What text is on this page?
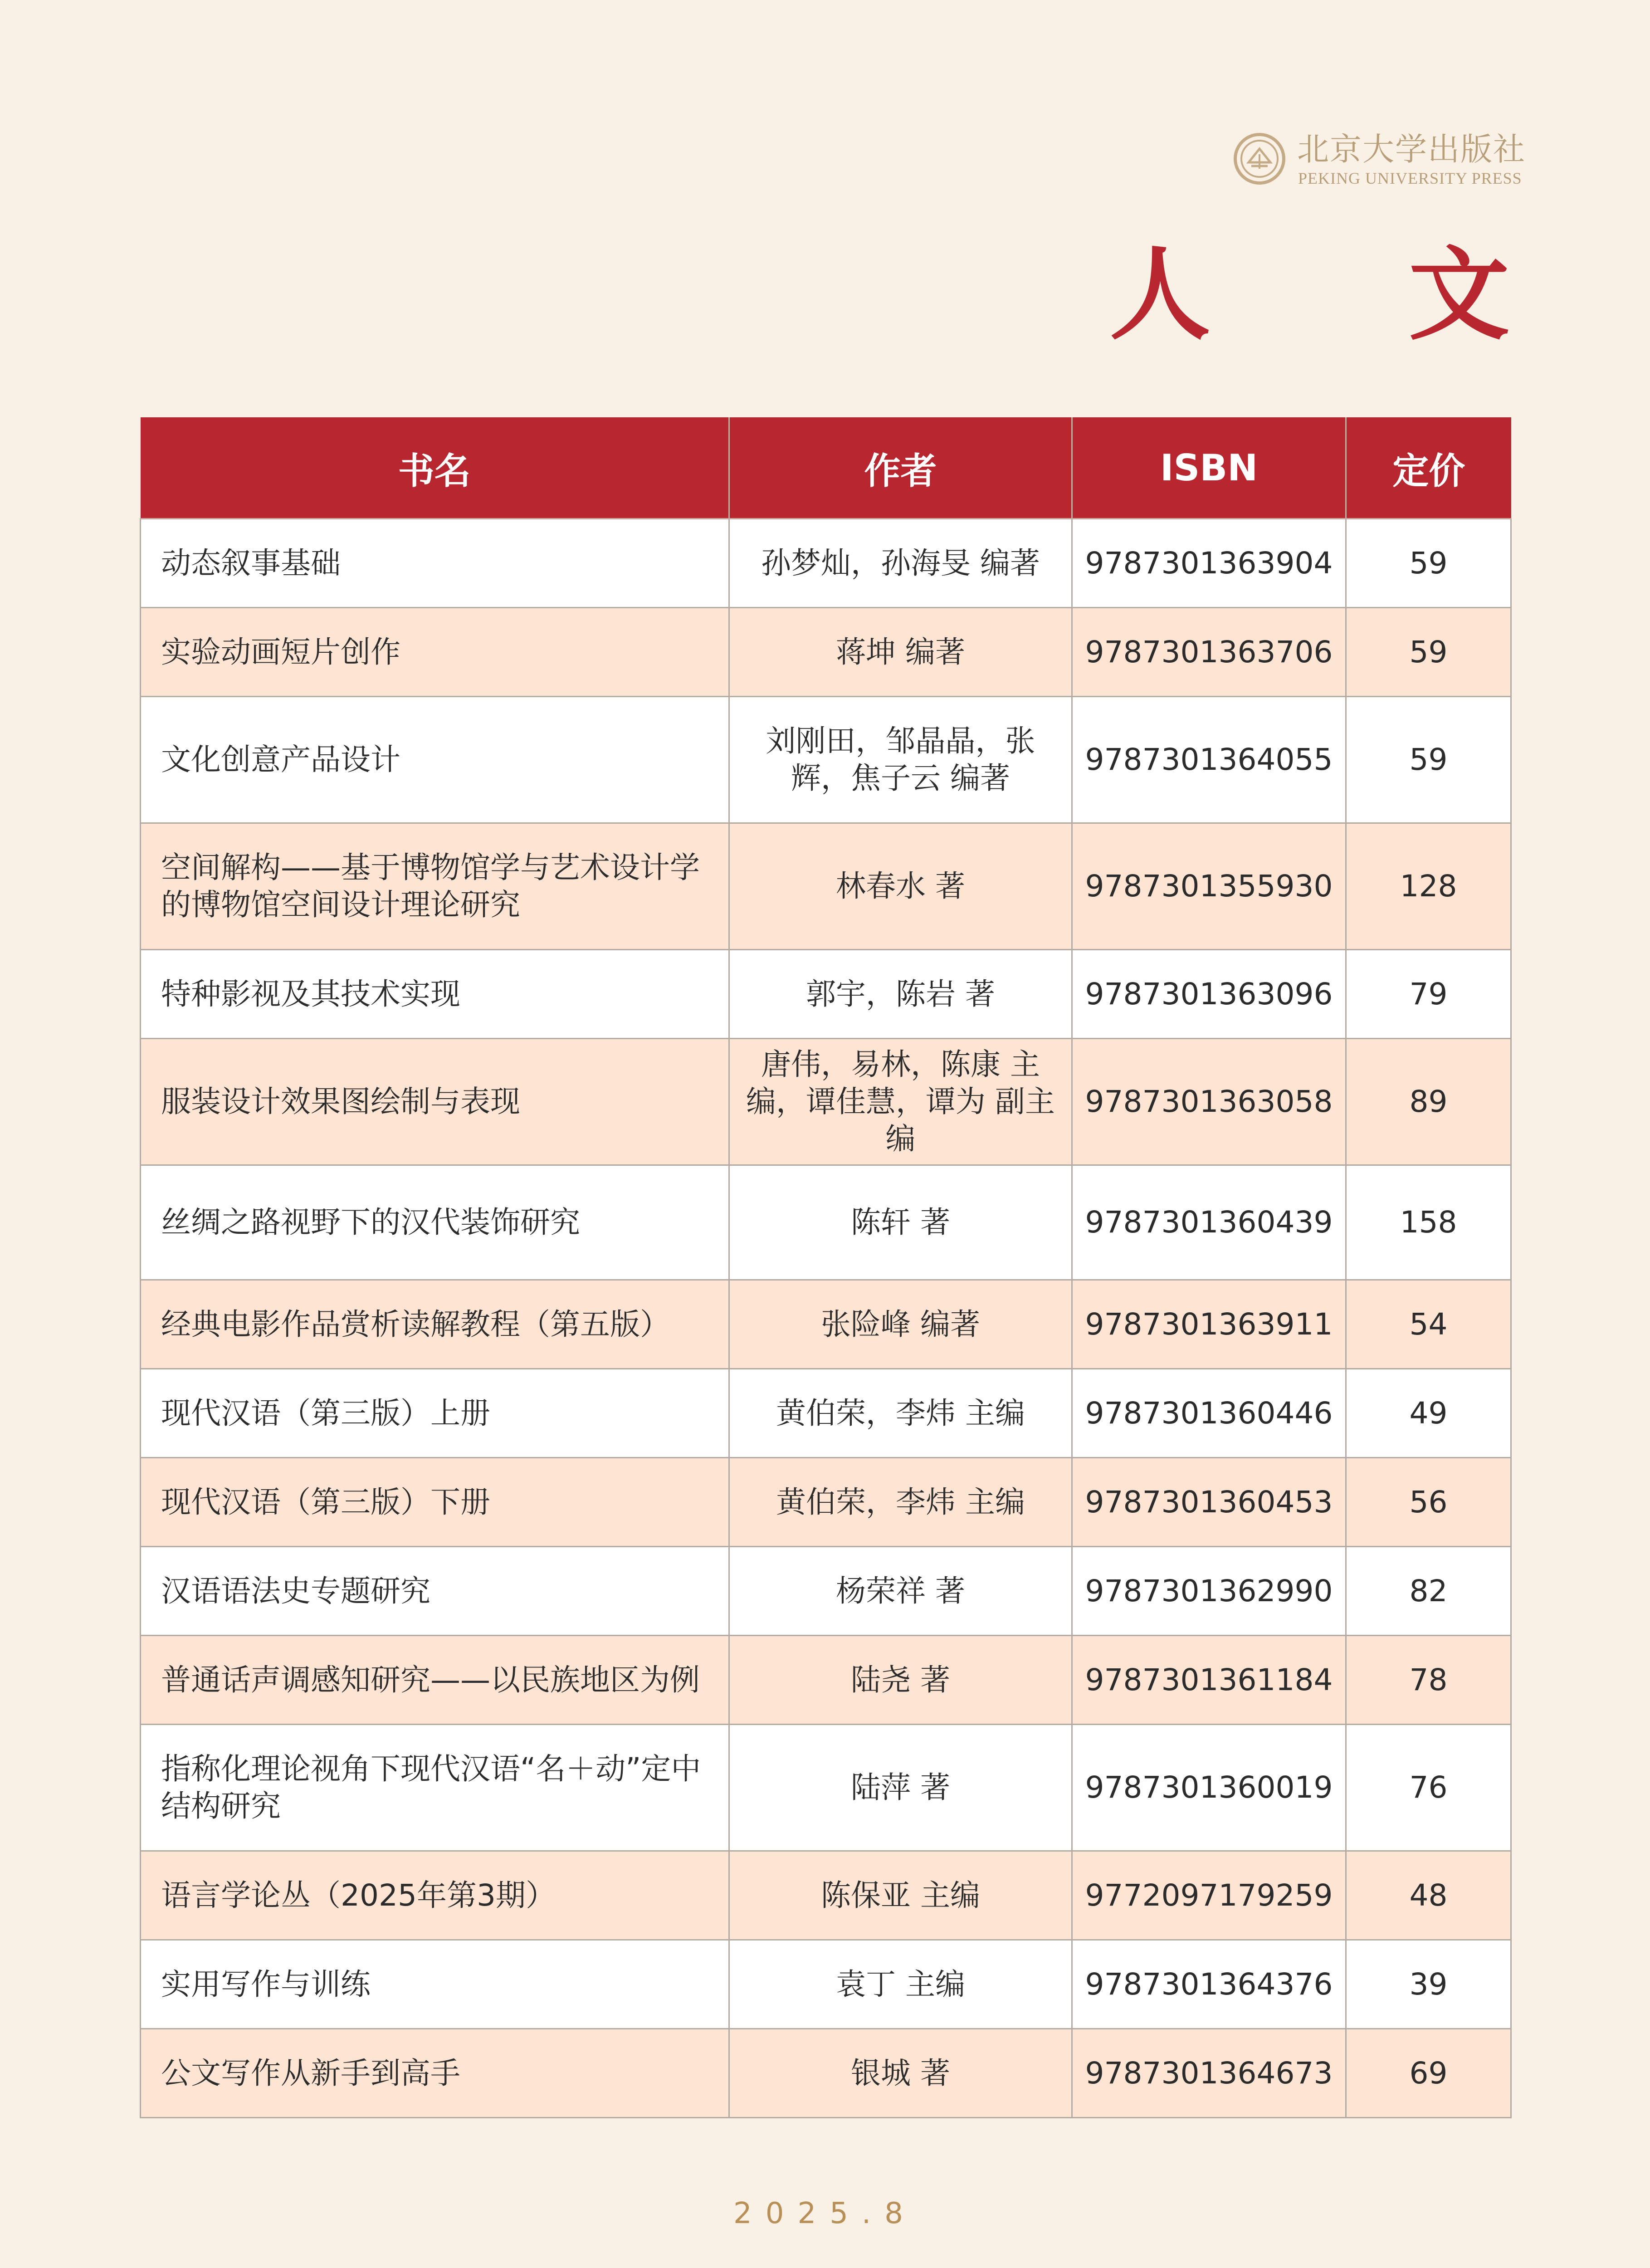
北京大学出版社
PEKING UNIVERSITY PRESS
人 文
书名	作者	ISBN	定价
动态叙事基础	孙梦灿，孙海旻 编著	9787301363904	59
实验动画短片创作	蒋坤 编著	9787301363706	59
文化创意产品设计	刘刚田，邹晶晶，张辉，焦子云 编著	9787301364055	59
空间解构——基于博物馆学与艺术设计学的博物馆空间设计理论研究	林春水 著	9787301355930	128
特种影视及其技术实现	郭宇，陈岩 著	9787301363096	79
服装设计效果图绘制与表现	唐伟，易林，陈康 主编，谭佳慧，谭为 副主编	9787301363058	89
丝绸之路视野下的汉代装饰研究	陈轩 著	9787301360439	158
经典电影作品赏析读解教程（第五版）	张险峰 编著	9787301363911	54
现代汉语（第三版）上册	黄伯荣，李炜 主编	9787301360446	49
现代汉语（第三版）下册	黄伯荣，李炜 主编	9787301360453	56
汉语语法史专题研究	杨荣祥 著	9787301362990	82
普通话声调感知研究——以民族地区为例	陆尧 著	9787301361184	78
指称化理论视角下现代汉语“名＋动”定中结构研究	陆萍 著	9787301360019	76
语言学论丛（2025年第3期）	陈保亚 主编	9772097179259	48
实用写作与训练	袁丁 主编	9787301364376	39
公文写作从新手到高手	银城 著	9787301364673	69
2025.8
